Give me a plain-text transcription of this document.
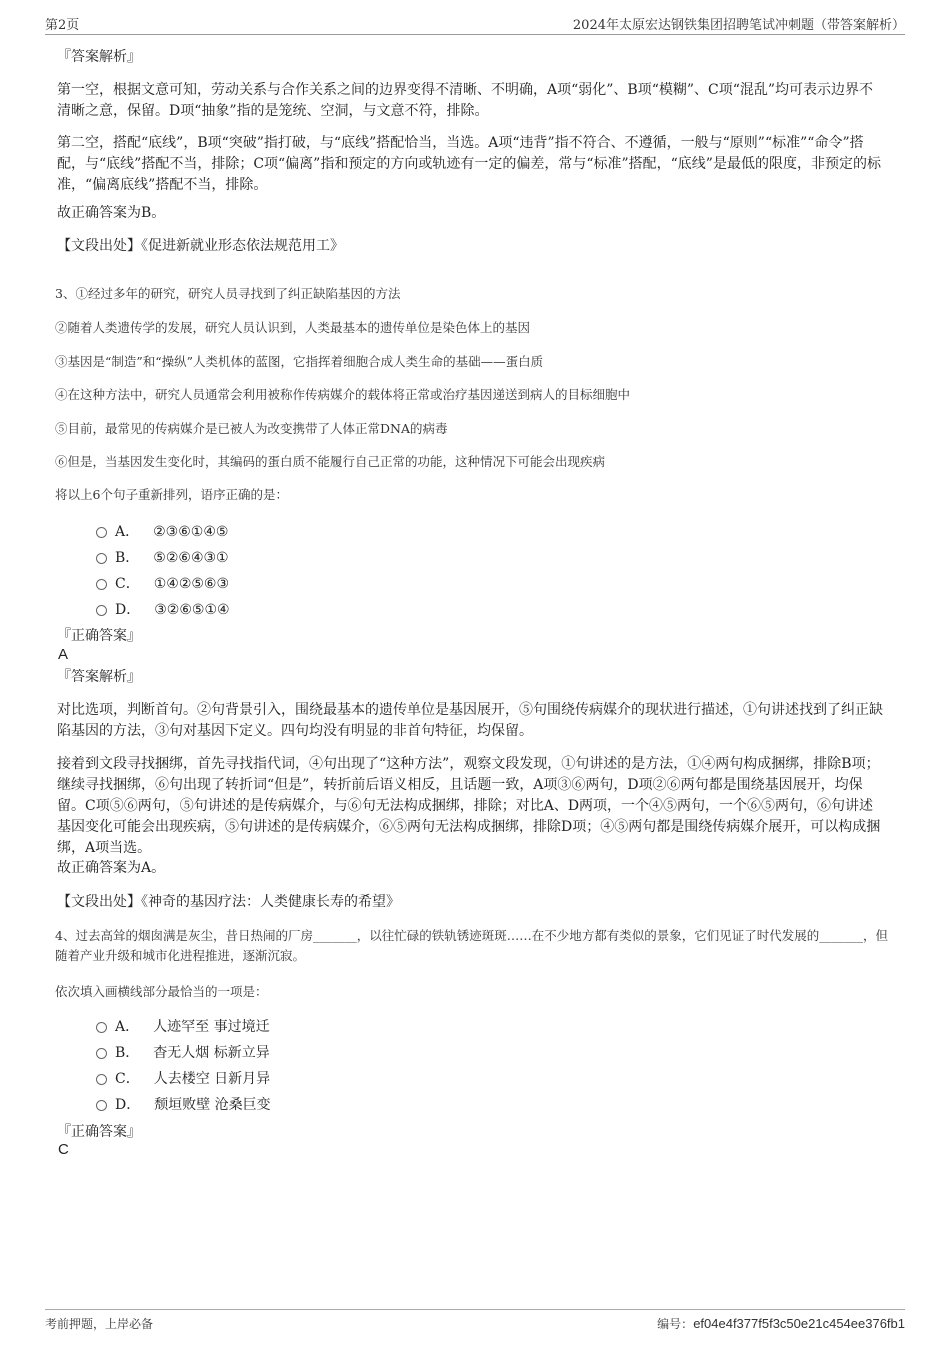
第2页	2024年太原宏达钢铁集团招聘笔试冲刺题（带答案解析）

『答案解析』

第一空，根据文意可知，劳动关系与合作关系之间的边界变得不清晰、不明确，A项“弱化”、B项“模糊”、C项“混乱”均可表示边界不清晰之意，保留。D项“抽象”指的是笼统、空洞，与文意不符，排除。

第二空，搭配“底线”，B项“突破”指打破，与“底线”搭配恰当，当选。A项“违背”指不符合、不遵循，一般与“原则”“标准”“命令”搭配，与“底线”搭配不当，排除；C项“偏离”指和预定的方向或轨迹有一定的偏差，常与“标准”搭配，“底线”是最低的限度，非预定的标准，“偏离底线”搭配不当，排除。

故正确答案为B。

【文段出处】《促进新就业形态依法规范用工》

3、①经过多年的研究，研究人员寻找到了纠正缺陷基因的方法

②随着人类遗传学的发展，研究人员认识到，人类最基本的遗传单位是染色体上的基因

③基因是“制造”和“操纵”人类机体的蓝图，它指挥着细胞合成人类生命的基础——蛋白质

④在这种方法中，研究人员通常会利用被称作传病媒介的载体将正常或治疗基因递送到病人的目标细胞中

⑤目前，最常见的传病媒介是已被人为改变携带了人体正常DNA的病毒

⑥但是，当基因发生变化时，其编码的蛋白质不能履行自己正常的功能，这种情况下可能会出现疾病

将以上6个句子重新排列，语序正确的是：

A． ②③⑥①④⑤
B． ⑤②⑥④③①
C． ①④②⑤⑥③
D． ③②⑥⑤①④

『正确答案』

A

『答案解析』

对比选项，判断首句。②句背景引入，围绕最基本的遗传单位是基因展开，⑤句围绕传病媒介的现状进行描述，①句讲述找到了纠正缺陷基因的方法，③句对基因下定义。四句均没有明显的非首句特征，均保留。

接着到文段寻找捆绑，首先寻找指代词，④句出现了“这种方法”，观察文段发现，①句讲述的是方法，①④两句构成捆绑，排除B项；继续寻找捆绑，⑥句出现了转折词“但是”，转折前后语义相反，且话题一致，A项③⑥两句，D项②⑥两句都是围绕基因展开，均保留。C项⑤⑥两句，⑤句讲述的是传病媒介，与⑥句无法构成捆绑，排除；对比A、D两项，一个④⑤两句，一个⑥⑤两句，⑥句讲述基因变化可能会出现疾病，⑤句讲述的是传病媒介，⑥⑤两句无法构成捆绑，排除D项；④⑤两句都是围绕传病媒介展开，可以构成捆绑，A项当选。

故正确答案为A。

【文段出处】《神奇的基因疗法：人类健康长寿的希望》

4、过去高耸的烟囱满是灰尘，昔日热闹的厂房_______，以往忙碌的铁轨锈迹斑斑……在不少地方都有类似的景象，它们见证了时代发展的_______，但随着产业升级和城市化进程推进，逐渐沉寂。

依次填入画横线部分最恰当的一项是：

A． 人迹罕至 事过境迁
B． 杳无人烟 标新立异
C． 人去楼空 日新月异
D． 颓垣败壁 沧桑巨变

『正确答案』

C
考前押题，上岸必备	编号：ef04e4f377f5f3c50e21c454ee376fb1
